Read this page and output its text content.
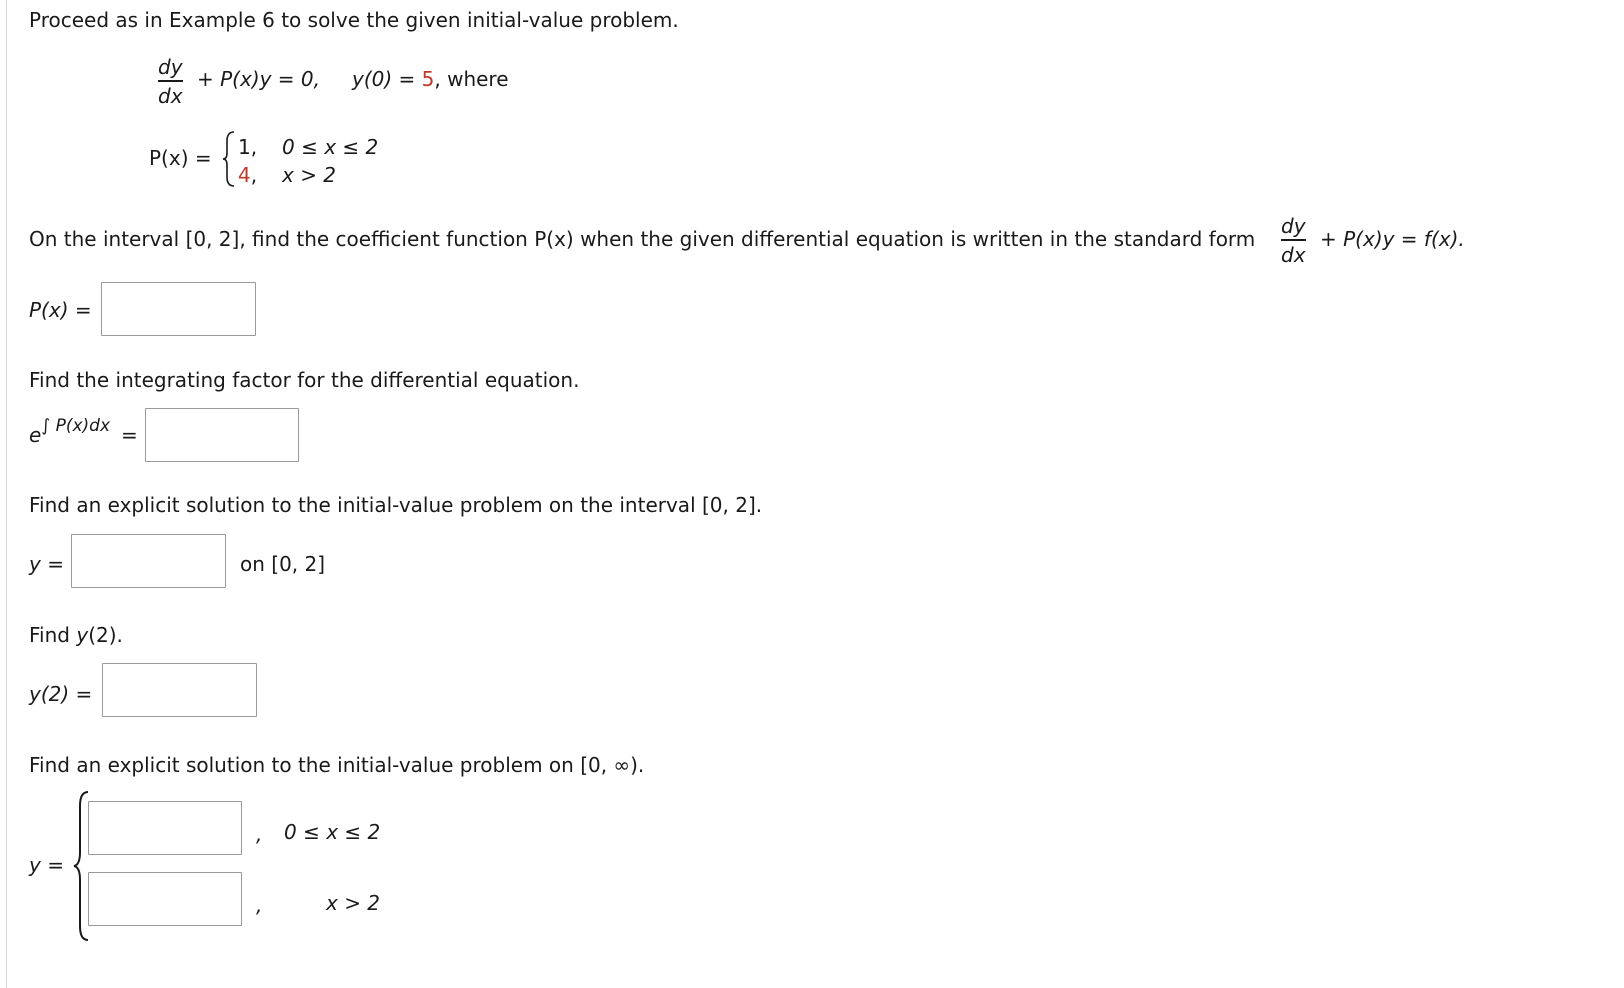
Proceed as in Example 6 to solve the given initial-value problem.
dy
dx
+ P(x)y = 0, y(0) = 5, where
P(x) = 1, 0 ≤ x ≤ 2
4, x > 2
On the interval [0, 2], find the coefficient function P(x) when the given differential equation is written in the standard form
dy
dx
+ P(x)y = f(x).
P(x) =
Find the integrating factor for the differential equation.
$e^{\int P(x)dx}$ =
Find an explicit solution to the initial-value problem on the interval [0, 2].
y =	on [0, 2]
Find y(2).
y(2) =
Find an explicit solution to the initial-value problem on [0, ∞).
y =
, 0 ≤ x ≤ 2
,	x > 2
